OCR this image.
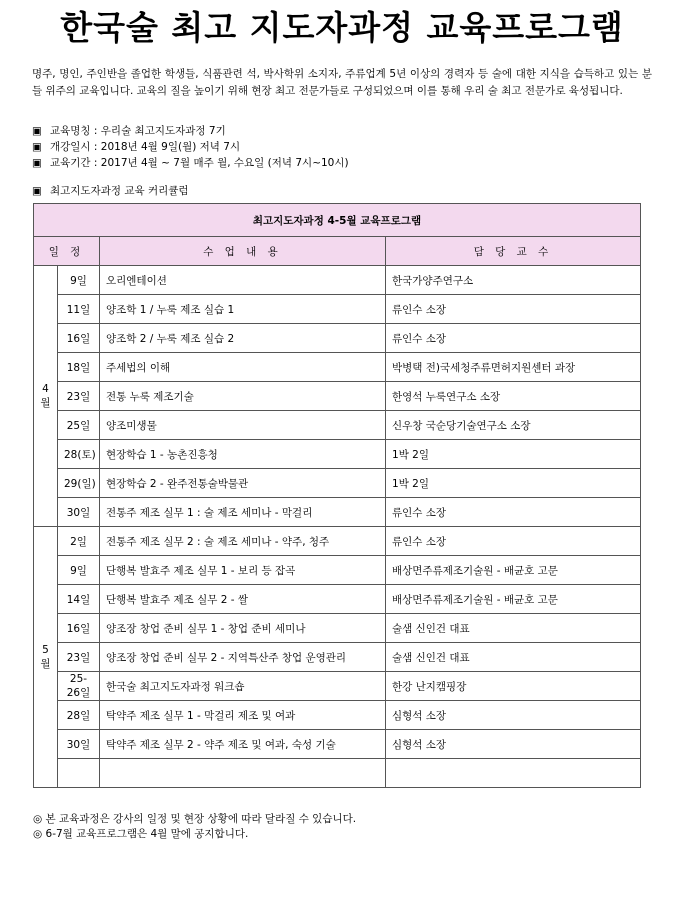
한국술 최고 지도자과정 교육프로그램
명주, 명인, 주인반을 졸업한 학생들, 식품관련 석, 박사학위 소지자, 주류업계 5년 이상의 경력자 등 술에 대한 지식을 습득하고 있는 분들 위주의 교육입니다. 교육의 질을 높이기 위해 현장 최고 전문가들로 구성되었으며 이를 통해 우리 술 최고 전문가로 육성됩니다.
▣ 교육명칭 : 우리술 최고지도자과정 7기
▣ 개강일시 : 2018년 4월 9일(월) 저녁 7시
▣ 교육기간 : 2017년 4월 ~ 7월 매주 월, 수요일 (저녁 7시~10시)
▣ 최고지도자과정 교육 커리큘럼
최고지도자과정 4-5월 교육프로그램			
일 정		수 업 내 용	담 당 교 수
4월	9일	오리엔테이션	한국가양주연구소
	11일	양조학 1 / 누룩 제조 실습 1	류인수 소장
	16일	양조학 2 / 누룩 제조 실습 2	류인수 소장
	18일	주세법의 이해	박병택 전)국세청주류면허지원센터 과장
	23일	전통 누룩 제조기술	한영석 누룩연구소 소장
	25일	양조미생물	신우창 국순당기술연구소 소장
	28(토)	현장학습 1 - 농촌진흥청	1박 2일
	29(일)	현장학습 2 - 완주전통술박물관	1박 2일
	30일	전통주 제조 실무 1 : 술 제조 세미나 - 막걸리	류인수 소장
5월	2일	전통주 제조 실무 2 : 술 제조 세미나 - 약주, 청주	류인수 소장
	9일	단행복 발효주 제조 실무 1 - 보리 등 잡곡	배상면주류제조기술원 - 배균호 고문
	14일	단행복 발효주 제조 실무 2 - 쌀	배상면주류제조기술원 - 배균호 고문
	16일	양조장 창업 준비 실무 1 - 창업 준비 세미나	술샘 신인건 대표
	23일	양조장 창업 준비 실무 2 - 지역특산주 창업 운영관리	술샘 신인건 대표
	25-26일	한국술 최고지도자과정 워크숍	한강 난지캠핑장
	28일	탁약주 제조 실무 1 - 막걸리 제조 및 여과	심형석 소장
	30일	탁약주 제조 실무 2 - 약주 제조 및 여과, 숙성 기술	심형석 소장

◎ 본 교육과정은 강사의 일정 및 현장 상황에 따라 달라질 수 있습니다.
◎ 6-7월 교육프로그램은 4월 말에 공지합니다.
